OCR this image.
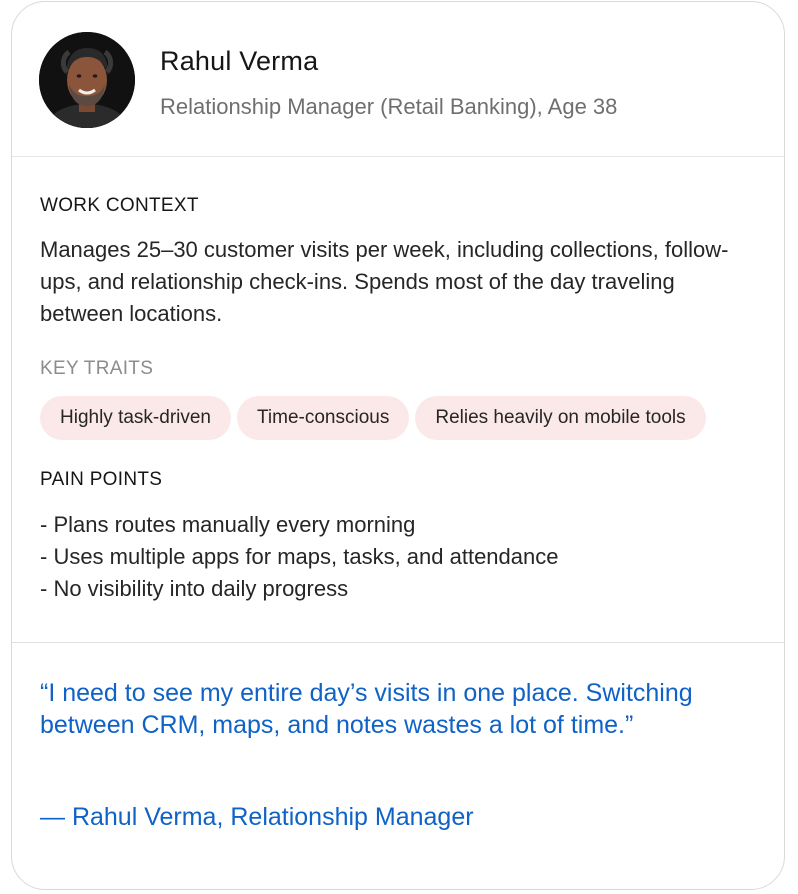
Rahul Verma
Relationship Manager (Retail Banking), Age 38
WORK CONTEXT
Manages 25–30 customer visits per week, including collections, follow-ups, and relationship check-ins. Spends most of the day traveling between locations.
KEY TRAITS
Highly task-driven	Time-conscious	Relies heavily on mobile tools
PAIN POINTS
- Plans routes manually every morning
- Uses multiple apps for maps, tasks, and attendance
- No visibility into daily progress

“I need to see my entire day’s visits in one place. Switching between CRM, maps, and notes wastes a lot of time.”

— Rahul Verma, Relationship Manager
